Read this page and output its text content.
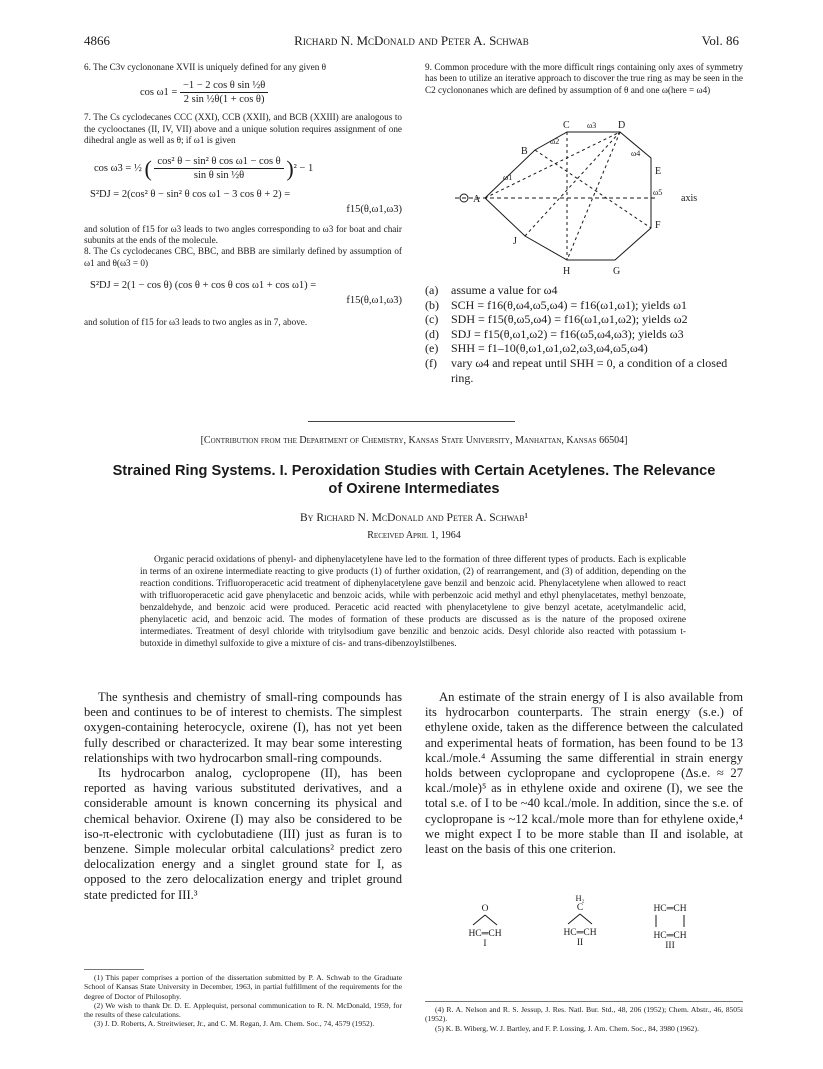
4866	Richard N. McDonald and Peter A. Schwab	Vol. 86

6. The C3v cyclononane XVII is uniquely defined for any given θ

$\cos \omega 1 = \frac{\text{−1 − 2 cos θ sin ½θ}}{\text{2 sin ½θ(1 + cos θ)}}$

7. The Cs cyclodecanes CCC (XXI), CCB (XXII), and BCB (XXIII) are analogous to the cyclooctanes (II, IV, VII) above and a unique solution requires assignment of one dihedral angle as well as θ; if ω1 is given

cos ω3 = ½ ( $\frac{\text{cos² θ − sin² θ cos ω1 − cos θ}}{\text{sin θ sin ½θ}} )^2 - 1$
S²DJ = 2(cos² θ − sin² θ cos ω1 − 3 cos θ + 2) =
f15(θ,ω1,ω3)

and solution of f15 for ω3 leads to two angles corresponding to ω3 for boat and chair subunits at the ends of the molecule.

8. The Cs cyclodecanes CBC, BBC, and BBB are similarly defined by assumption of ω1 and θ(ω3 = 0)

S²DJ = 2(1 − cos θ) (cos θ + cos θ cos ω1 + cos ω1) =
f15(θ,ω1,ω3)

and solution of f15 for ω3 leads to two angles as in 7, above.

9. Common procedure with the more difficult rings containing only axes of symmetry has been to utilize an iterative approach to discover the true ring as may be seen in the C2 cyclononanes which are defined by assumption of θ and one ω(here = ω4)

C ω3 D
B
ω2
ω4
E
ω1
A
ω5
axis
F
J
H	G
(a)	assume a value for ω4
(b)	SCH = f16(θ,ω4,ω5,ω4) = f16(ω1,ω1); yields ω1
(c)	SDH = f15(θ,ω5,ω4) = f16(ω1,ω1,ω2); yields ω2
(d)	SDJ = f15(θ,ω1,ω2) = f16(ω5,ω4,ω3); yields ω3
(e)	SHH = f1–10(θ,ω1,ω1,ω2,ω3,ω4,ω5,ω4)
(f)	vary ω4 and repeat until SHH = 0, a condition of a closed ring.
[Contribution from the Department of Chemistry, Kansas State University, Manhattan, Kansas 66504]
Strained Ring Systems. I. Peroxidation Studies with Certain Acetylenes. The Relevance
of Oxirene Intermediates
By Richard N. McDonald and Peter A. Schwab¹
Received April 1, 1964
Organic peracid oxidations of phenyl- and diphenylacetylene have led to the formation of three different types of products. Each is explicable in terms of an oxirene intermediate reacting to give products (1) of further oxidation, (2) of rearrangement, and (3) of addition, depending on the reaction conditions. Trifluoroperacetic acid treatment of diphenylacetylene gave benzil and benzoic acid. Phenylacetylene when allowed to react with trifluoroperacetic acid gave phenylacetic and benzoic acids, while with perbenzoic acid methyl and ethyl phenylacetates, methyl benzoate, benzaldehyde, and benzoic acid were produced. Peracetic acid reacted with phenylacetylene to give benzyl acetate, acetylmandelic acid, phenylacetic acid, and benzoic acid. The modes of formation of these products are discussed as is the nature of the proposed oxirene intermediates. Treatment of desyl chloride with tritylsodium gave benzilic and benzoic acids. Desyl chloride also reacted with potassium t-butoxide in dimethyl sulfoxide to give a mixture of cis- and trans-dibenzoylstilbenes.

The synthesis and chemistry of small-ring compounds has been and continues to be of interest to chemists. The simplest oxygen-containing heterocycle, oxirene (I), has not yet been fully described or characterized. It may bear some interesting relationships with two hydrocarbon small-ring compounds.

Its hydrocarbon analog, cyclopropene (II), has been reported as having various substituted derivatives, and a considerable amount is known concerning its physical and chemical behavior. Oxirene (I) may also be considered to be iso-π-electronic with cyclobutadiene (III) just as furan is to benzene. Simple molecular orbital calculations² predict zero delocalization energy and a singlet ground state for I, as opposed to the zero delocalization energy and triplet ground state predicted for III.³

An estimate of the strain energy of I is also available from its hydrocarbon counterparts. The strain energy (s.e.) of ethylene oxide, taken as the difference between the calculated and experimental heats of formation, has been found to be 13 kcal./mole.⁴ Assuming the same differential in strain energy holds between cyclopropane and cyclopropene (Δs.e. ≈ 27 kcal./mole)⁵ as in ethylene oxide and oxirene (I), we see the total s.e. of I to be ~40 kcal./mole. In addition, since the s.e. of cyclopropane is ~12 kcal./mole more than for ethylene oxide,⁴ we might expect I to be more stable than II and isolable, at least on the basis of this one criterion.

O
HC═CH
I
H₂
C
HC═CH
II
HC═CH
HC═CH
III

(1) This paper comprises a portion of the dissertation submitted by P. A. Schwab to the Graduate School of Kansas State University in December, 1963, in partial fulfillment of the requirements for the degree of Doctor of Philosophy.

(2) We wish to thank Dr. D. E. Applequist, personal communication to R. N. McDonald, 1959, for the results of these calculations.

(3) J. D. Roberts, A. Streitwieser, Jr., and C. M. Regan, J. Am. Chem. Soc., 74, 4579 (1952).

(4) R. A. Nelson and R. S. Jessup, J. Res. Natl. Bur. Std., 48, 206 (1952); Chem. Abstr., 46, 8505i (1952).

(5) K. B. Wiberg, W. J. Bartley, and F. P. Lossing, J. Am. Chem. Soc., 84, 3980 (1962).
